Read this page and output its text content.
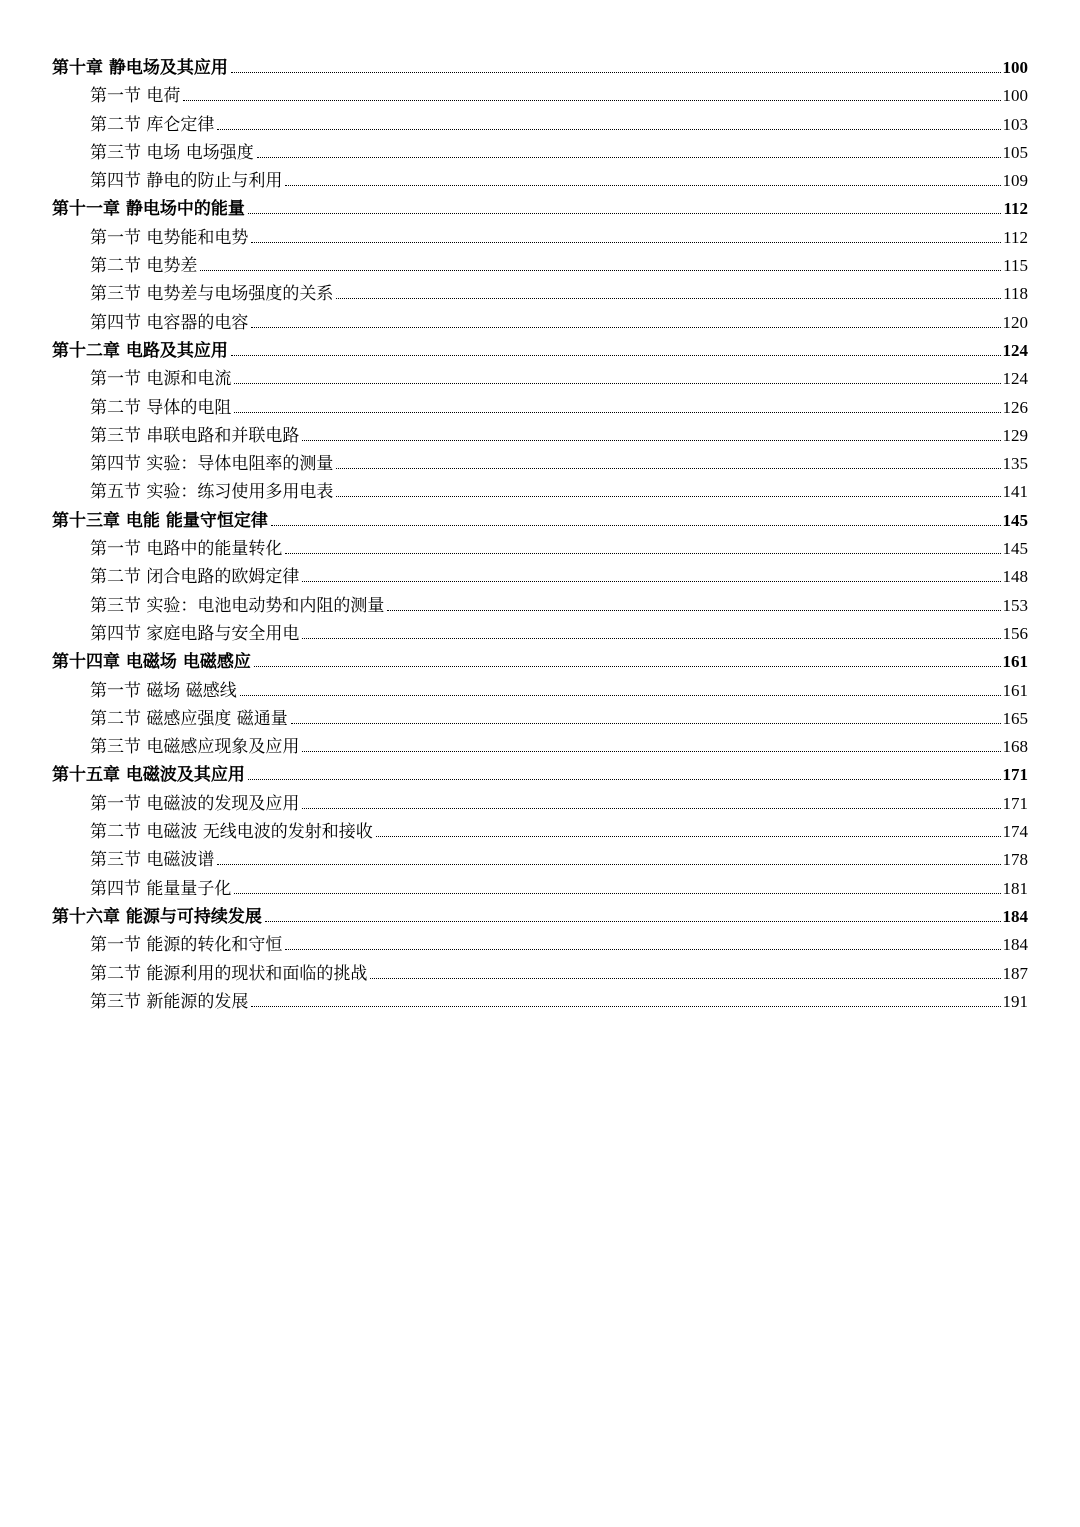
第十章 静电场及其应用	100
第一节 电荷	100
第二节 库仑定律	103
第三节 电场 电场强度	105
第四节 静电的防止与利用	109
第十一章 静电场中的能量	112
第一节 电势能和电势	112
第二节 电势差	115
第三节 电势差与电场强度的关系	118
第四节 电容器的电容	120
第十二章 电路及其应用	124
第一节 电源和电流	124
第二节 导体的电阻	126
第三节 串联电路和并联电路	129
第四节 实验：导体电阻率的测量	135
第五节 实验：练习使用多用电表	141
第十三章 电能 能量守恒定律	145
第一节 电路中的能量转化	145
第二节 闭合电路的欧姆定律	148
第三节 实验：电池电动势和内阻的测量	153
第四节 家庭电路与安全用电	156
第十四章 电磁场 电磁感应	161
第一节 磁场 磁感线	161
第二节 磁感应强度 磁通量	165
第三节 电磁感应现象及应用	168
第十五章 电磁波及其应用	171
第一节 电磁波的发现及应用	171
第二节 电磁波 无线电波的发射和接收	174
第三节 电磁波谱	178
第四节 能量量子化	181
第十六章 能源与可持续发展	184
第一节 能源的转化和守恒	184
第二节 能源利用的现状和面临的挑战	187
第三节 新能源的发展	191
